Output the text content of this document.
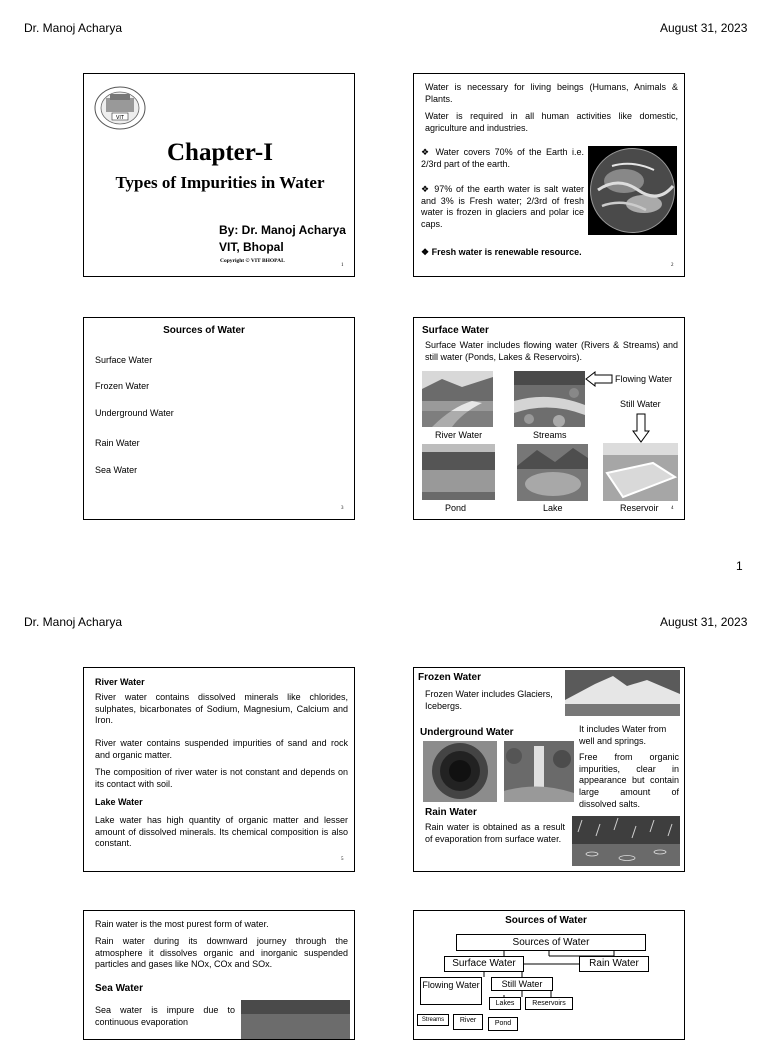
Dr. Manoj Acharya	August 31, 2023
VIT
Chapter-I
Types of Impurities in Water
By: Dr. Manoj Acharya
VIT, Bhopal
Copyright © VIT BHOPAL
1

Water is necessary for living beings (Humans, Animals & Plants.

Water is required in all human activities like domestic, agriculture and industries.

❖ Water covers 70% of the Earth i.e. 2/3rd part of the earth.

❖ 97% of the earth water is salt water and 3% is Fresh water; 2/3rd of fresh water is frozen in glaciers and polar ice caps.

❖ Fresh water is renewable resource.

2
Sources of Water
Surface Water
Frozen Water
Underground Water
Rain Water
Sea Water
3
Surface Water

Surface Water includes flowing water (Rivers & Streams) and still water (Ponds, Lakes & Reservoirs).

Flowing Water
Still Water
River Water	Streams
Pond	Lake	Reservoir 4
1
Dr. Manoj Acharya	August 31, 2023
River Water

River water contains dissolved minerals like chlorides, sulphates, bicarbonates of Sodium, Magnesium, Calcium and Iron.

River water contains suspended impurities of sand and rock and organic matter.

The composition of river water is not constant and depends on its contact with soil.

Lake Water

Lake water has high quantity of organic matter and lesser amount of dissolved minerals. Its chemical composition is also constant.

5
Frozen Water

Frozen Water includes Glaciers, Icebergs.

Underground Water	It includes Water from well and springs.

Free from organic impurities, clear in appearance but contain large amount of dissolved salts.

Rain Water

Rain water is obtained as a result of evaporation from surface water.

Rain water is the most purest form of water.

Rain water during its downward journey through the atmosphere it dissolves organic and inorganic suspended particles and gases like NOx, COx and SOx.

Sea Water

Sea water is impure due to continuous evaporation

Sources of Water
Sources of Water
Surface Water	Rain Water
Flowing Water	Still Water
Lakes	Reservoirs
Streams	River	Pond
